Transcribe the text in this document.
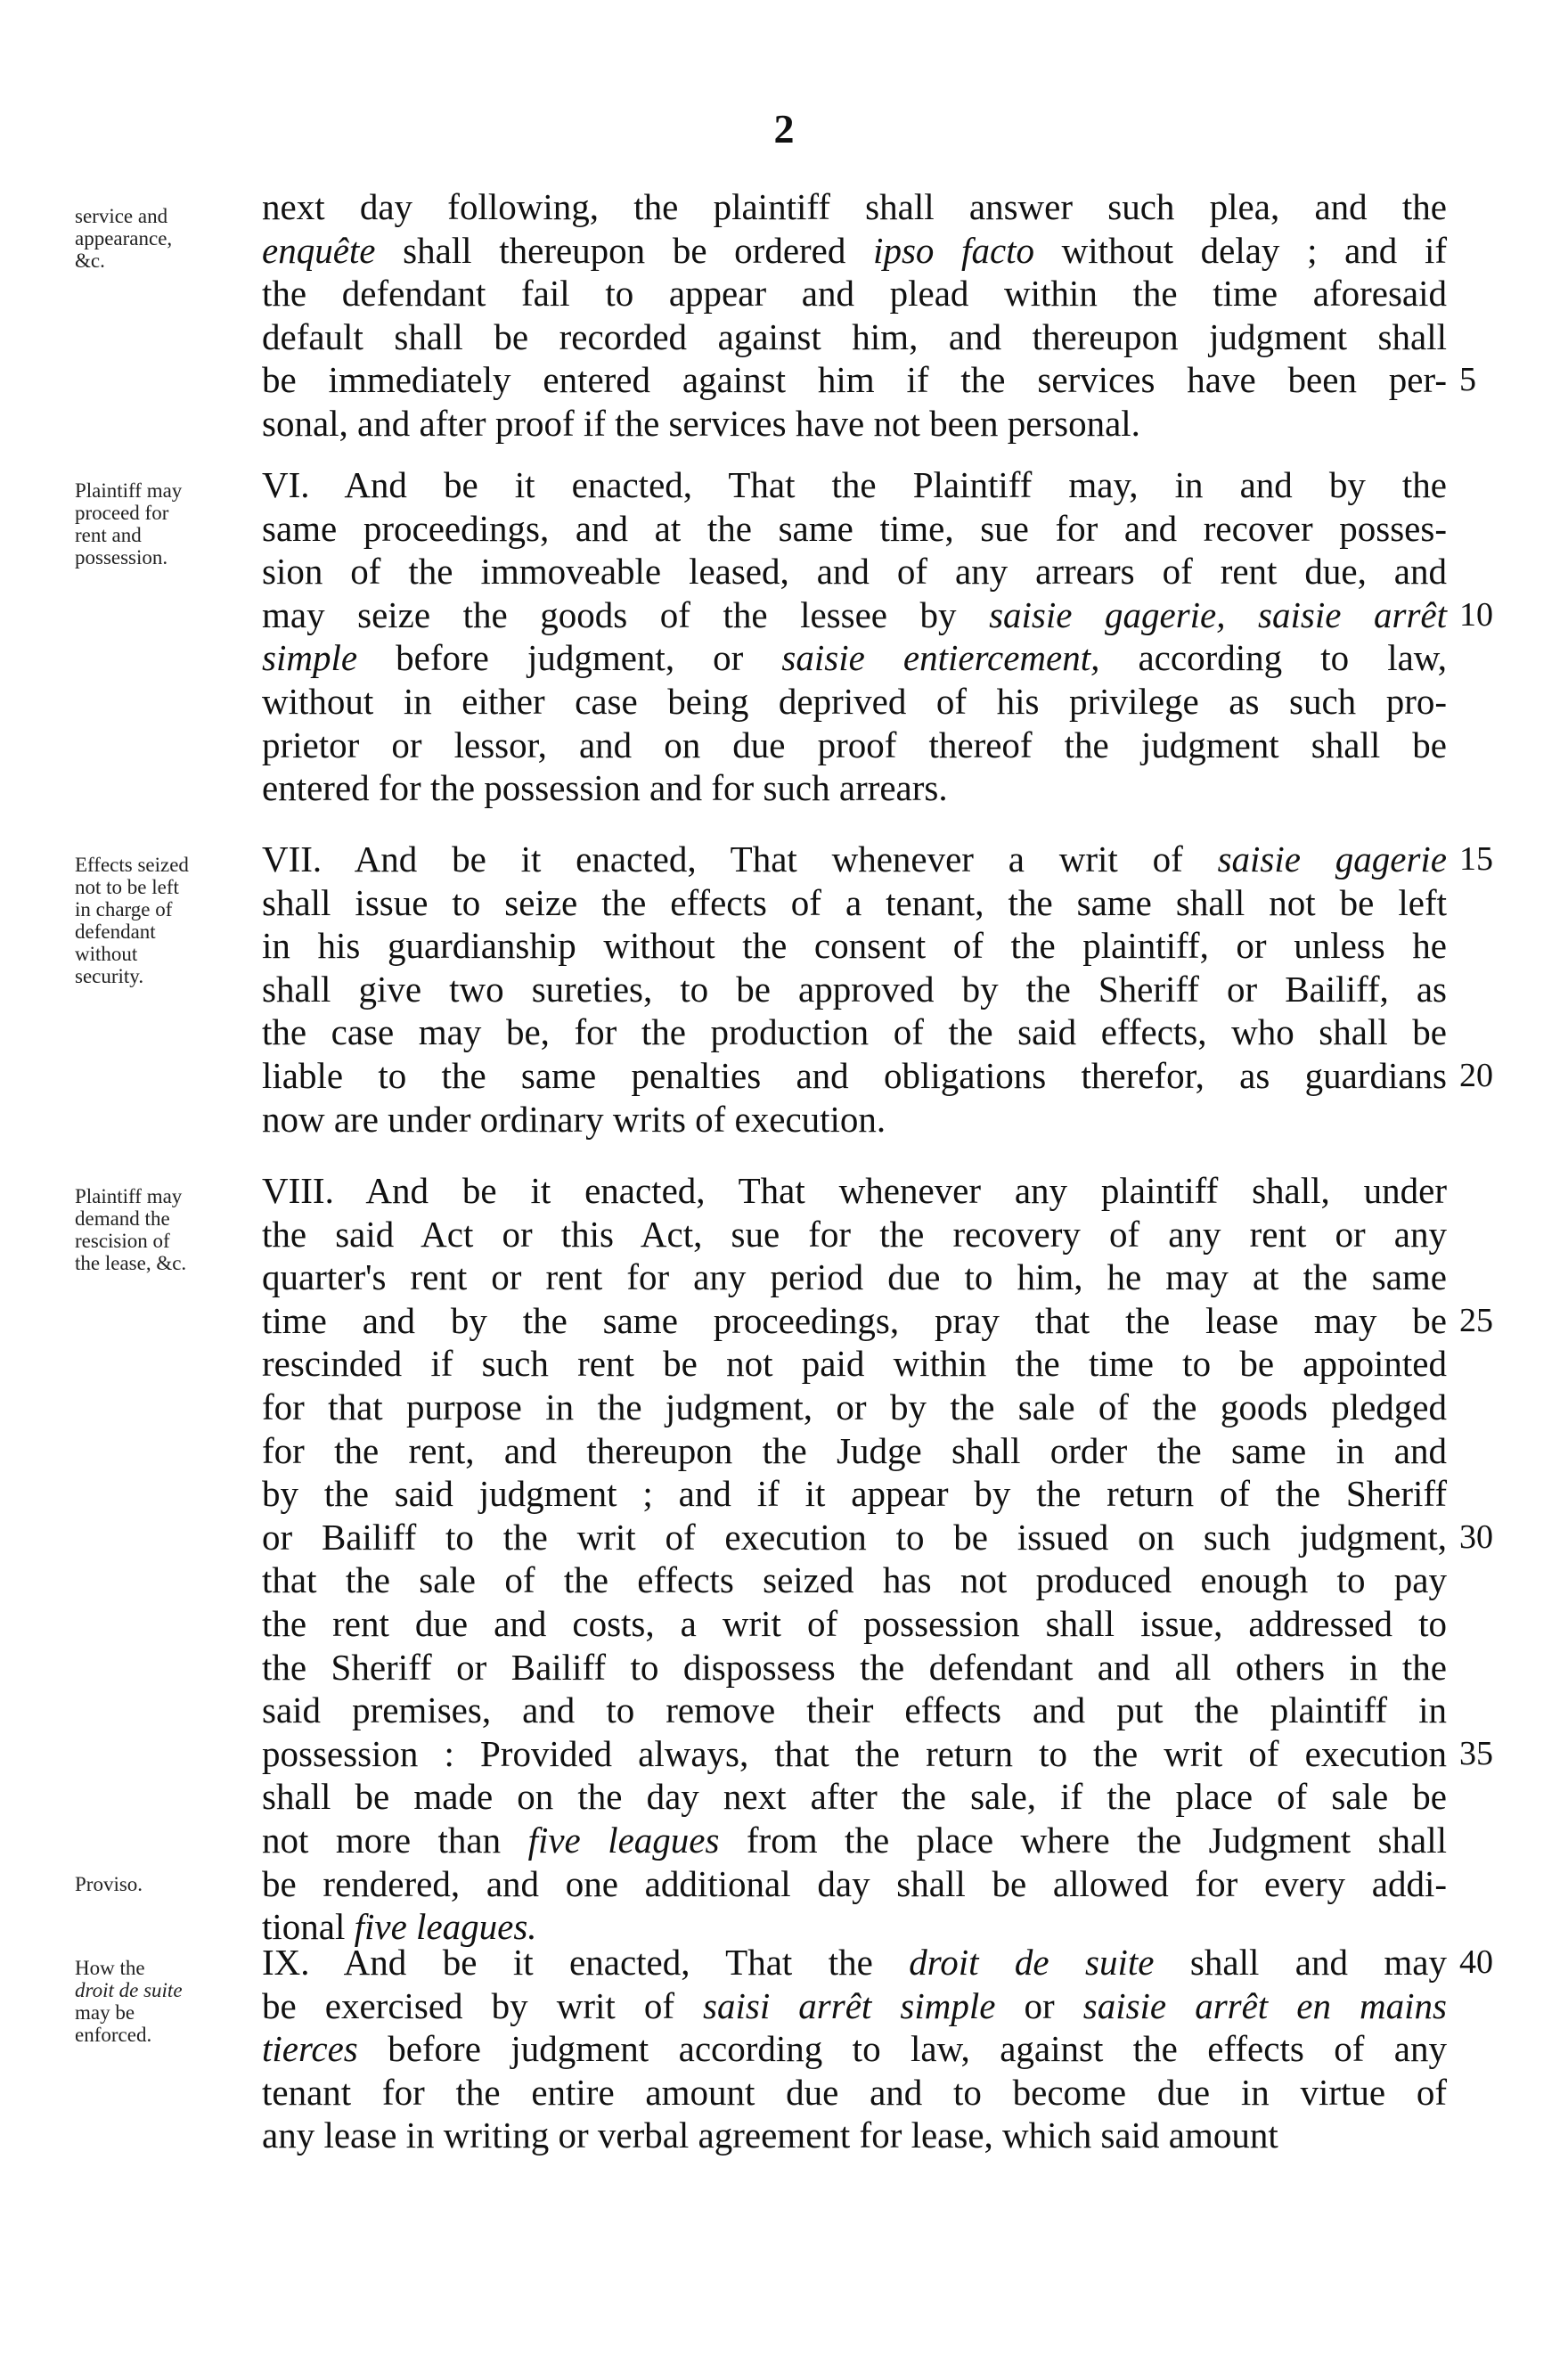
2
service and
appearance,
&c.
next day following, the plaintiff shall answer such plea, and the
enquête shall thereupon be ordered ipso facto without delay ; and if
the defendant fail to appear and plead within the time aforesaid
default shall be recorded against him, and thereupon judgment shall
be immediately entered against him if the services have been per-
sonal, and after proof if the services have not been personal.
5
Plaintiff may
proceed for
rent and
possession.
VI. And be it enacted, That the Plaintiff may, in and by the
same proceedings, and at the same time, sue for and recover posses-
sion of the immoveable leased, and of any arrears of rent due, and
may seize the goods of the lessee by saisie gagerie, saisie arrêt
simple before judgment, or saisie entiercement, according to law,
without in either case being deprived of his privilege as such pro-
prietor or lessor, and on due proof thereof the judgment shall be
entered for the possession and for such arrears.
10
Effects seized
not to be left
in charge of
defendant
without
security.
VII. And be it enacted, That whenever a writ of saisie gagerie
shall issue to seize the effects of a tenant, the same shall not be left
in his guardianship without the consent of the plaintiff, or unless he
shall give two sureties, to be approved by the Sheriff or Bailiff, as
the case may be, for the production of the said effects, who shall be
liable to the same penalties and obligations therefor, as guardians
now are under ordinary writs of execution.
15
20
Plaintiff may
demand the
rescision of
the lease, &c.
VIII. And be it enacted, That whenever any plaintiff shall, under
the said Act or this Act, sue for the recovery of any rent or any
quarter's rent or rent for any period due to him, he may at the same
time and by the same proceedings, pray that the lease may be
rescinded if such rent be not paid within the time to be appointed
for that purpose in the judgment, or by the sale of the goods pledged
for the rent, and thereupon the Judge shall order the same in and
by the said judgment ; and if it appear by the return of the Sheriff
or Bailiff to the writ of execution to be issued on such judgment,
that the sale of the effects seized has not produced enough to pay
the rent due and costs, a writ of possession shall issue, addressed to
the Sheriff or Bailiff to dispossess the defendant and all others in the
said premises, and to remove their effects and put the plaintiff in
possession : Provided always, that the return to the writ of execution
shall be made on the day next after the sale, if the place of sale be
not more than five leagues from the place where the Judgment shall
be rendered, and one additional day shall be allowed for every addi-
tional five leagues.
Proviso.
25
30
35
How the
droit de suite
may be
enforced.
IX. And be it enacted, That the droit de suite shall and may
be exercised by writ of saisi arrêt simple or saisie arrêt en mains
tierces before judgment according to law, against the effects of any
tenant for the entire amount due and to become due in virtue of
any lease in writing or verbal agreement for lease, which said amount
40
